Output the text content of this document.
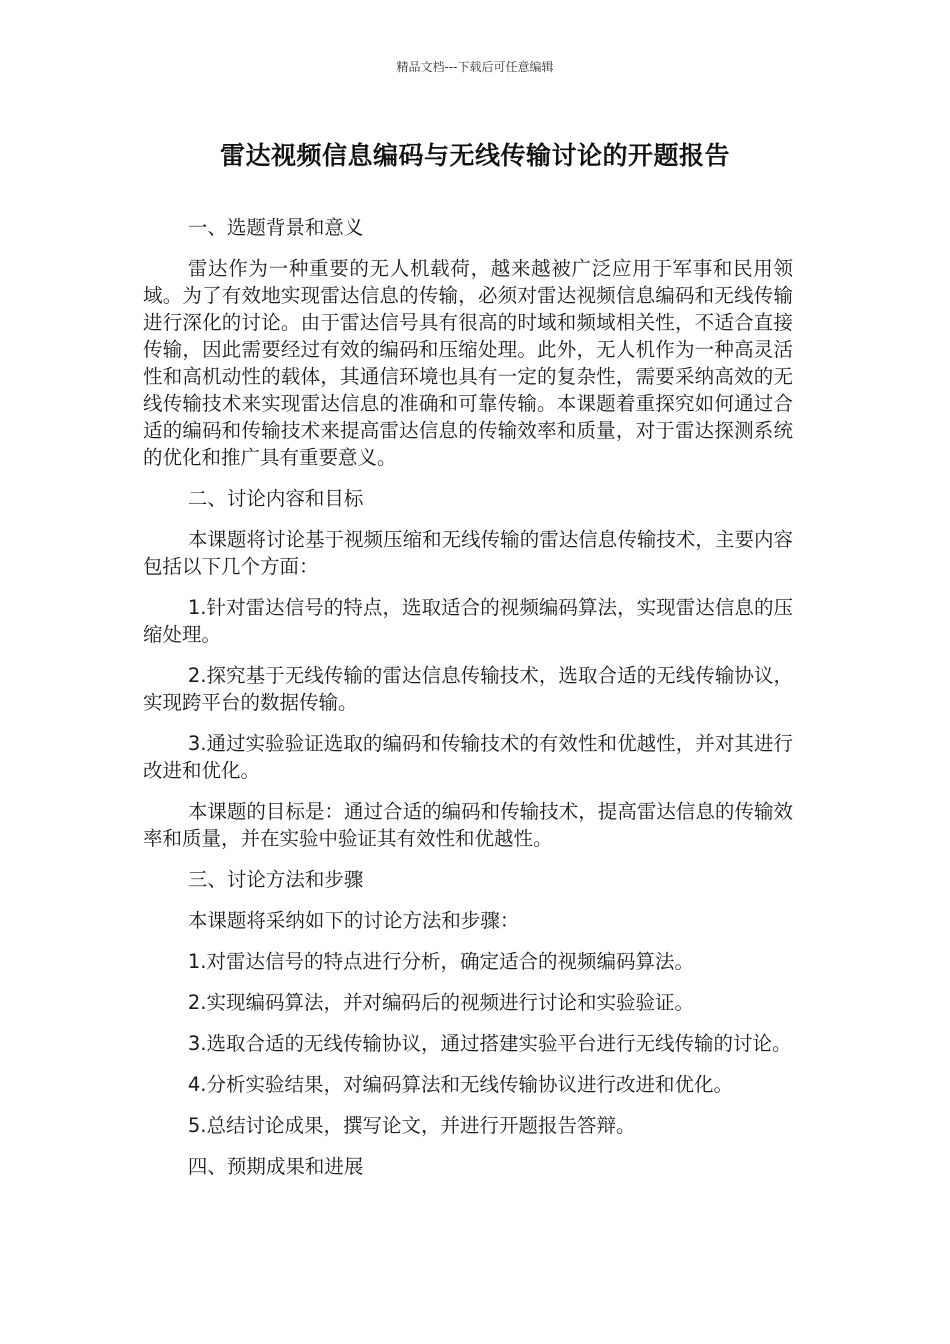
精品文档---下载后可任意编辑
雷达视频信息编码与无线传输讨论的开题报告

一、选题背景和意义

雷达作为一种重要的无人机载荷，越来越被广泛应用于军事和民用领域。为了有效地实现雷达信息的传输，必须对雷达视频信息编码和无线传输进行深化的讨论。由于雷达信号具有很高的时域和频域相关性，不适合直接传输，因此需要经过有效的编码和压缩处理。此外，无人机作为一种高灵活性和高机动性的载体，其通信环境也具有一定的复杂性，需要采纳高效的无线传输技术来实现雷达信息的准确和可靠传输。本课题着重探究如何通过合适的编码和传输技术来提高雷达信息的传输效率和质量，对于雷达探测系统的优化和推广具有重要意义。

二、讨论内容和目标

本课题将讨论基于视频压缩和无线传输的雷达信息传输技术，主要内容包括以下几个方面：

1.针对雷达信号的特点，选取适合的视频编码算法，实现雷达信息的压缩处理。

2.探究基于无线传输的雷达信息传输技术，选取合适的无线传输协议，实现跨平台的数据传输。

3.通过实验验证选取的编码和传输技术的有效性和优越性，并对其进行改进和优化。

本课题的目标是：通过合适的编码和传输技术，提高雷达信息的传输效率和质量，并在实验中验证其有效性和优越性。

三、讨论方法和步骤

本课题将采纳如下的讨论方法和步骤：

1.对雷达信号的特点进行分析，确定适合的视频编码算法。

2.实现编码算法，并对编码后的视频进行讨论和实验验证。

3.选取合适的无线传输协议，通过搭建实验平台进行无线传输的讨论。

4.分析实验结果，对编码算法和无线传输协议进行改进和优化。

5.总结讨论成果，撰写论文，并进行开题报告答辩。

四、预期成果和进展
